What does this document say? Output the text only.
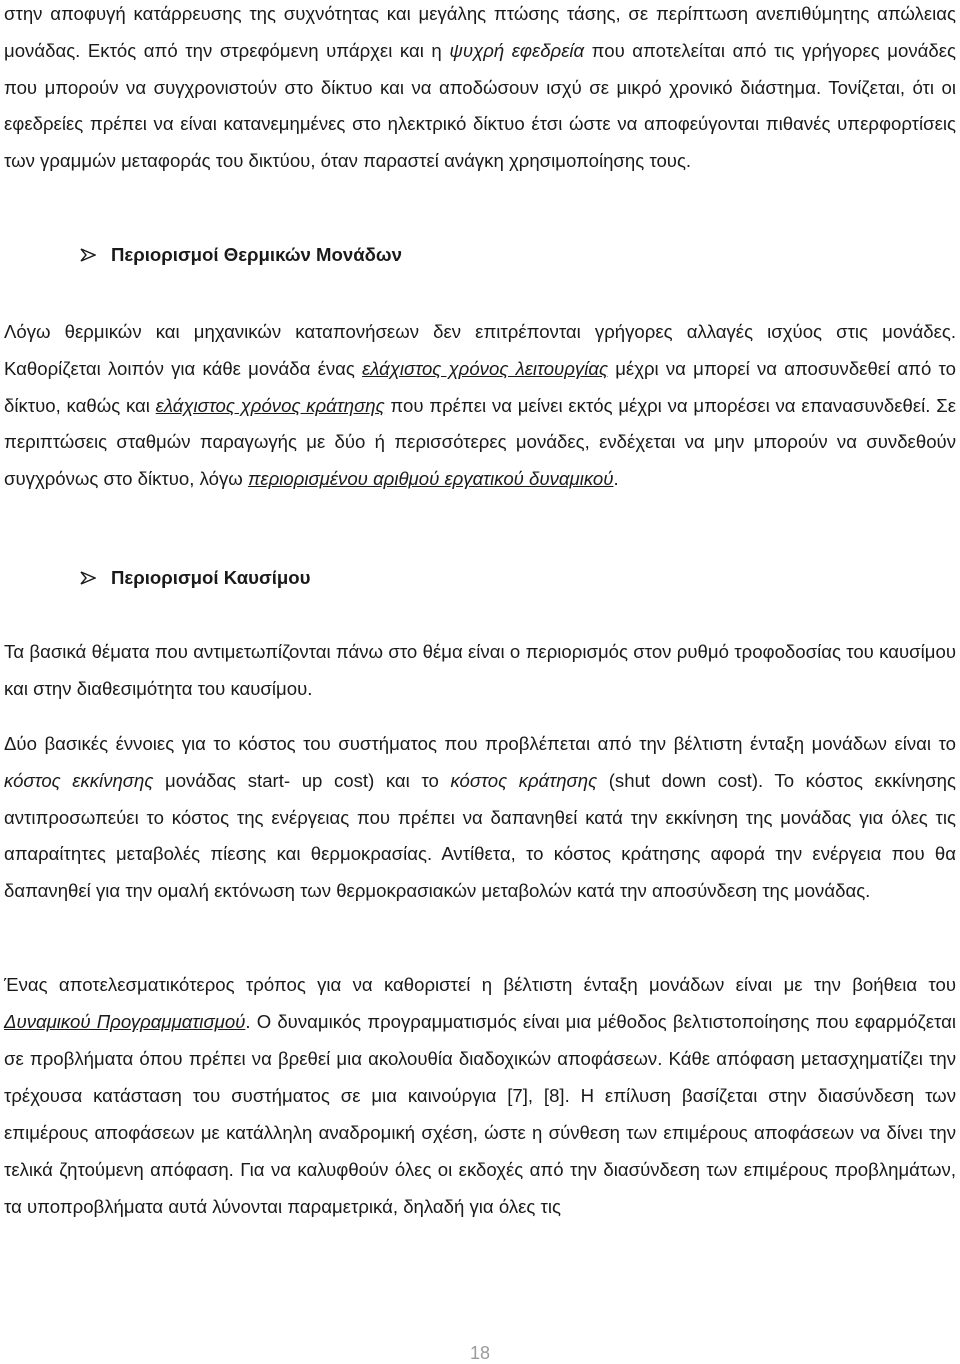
στην αποφυγή κατάρρευσης της συχνότητας και μεγάλης πτώσης τάσης, σε περίπτωση ανεπιθύμητης απώλειας μονάδας. Εκτός από την στρεφόμενη υπάρχει και η ψυχρή εφεδρεία που αποτελείται από τις γρήγορες μονάδες που μπορούν να συγχρονιστούν στο δίκτυο και να αποδώσουν ισχύ σε μικρό χρονικό διάστημα. Τονίζεται, ότι οι εφεδρείες πρέπει να είναι κατανεμημένες στο ηλεκτρικό δίκτυο έτσι ώστε να αποφεύγονται πιθανές υπερφορτίσεις των γραμμών μεταφοράς του δικτύου, όταν παραστεί ανάγκη χρησιμοποίησης τους.

Περιορισμοί Θερμικών Μονάδων

Λόγω θερμικών και μηχανικών καταπονήσεων δεν επιτρέπονται γρήγορες αλλαγές ισχύος στις μονάδες. Καθορίζεται λοιπόν για κάθε μονάδα ένας ελάχιστος χρόνος λειτουργίας μέχρι να μπορεί να αποσυνδεθεί από το δίκτυο, καθώς και ελάχιστος χρόνος κράτησης που πρέπει να μείνει εκτός μέχρι να μπορέσει να επανασυνδεθεί. Σε περιπτώσεις σταθμών παραγωγής με δύο ή περισσότερες μονάδες, ενδέχεται να μην μπορούν να συνδεθούν συγχρόνως στο δίκτυο, λόγω περιορισμένου αριθμού εργατικού δυναμικού.

Περιορισμοί Καυσίμου

Τα βασικά θέματα που αντιμετωπίζονται πάνω στο θέμα είναι ο περιορισμός στον ρυθμό τροφοδοσίας του καυσίμου και στην διαθεσιμότητα του καυσίμου.

Δύο βασικές έννοιες για το κόστος του συστήματος που προβλέπεται από την βέλτιστη ένταξη μονάδων είναι το κόστος εκκίνησης μονάδας start- up cost) και το κόστος κράτησης (shut down cost). Το κόστος εκκίνησης αντιπροσωπεύει το κόστος της ενέργειας που πρέπει να δαπανηθεί κατά την εκκίνηση της μονάδας για όλες τις απαραίτητες μεταβολές πίεσης και θερμοκρασίας. Αντίθετα, το κόστος κράτησης αφορά την ενέργεια που θα δαπανηθεί για την ομαλή εκτόνωση των θερμοκρασιακών μεταβολών κατά την αποσύνδεση της μονάδας.

Ένας αποτελεσματικότερος τρόπος για να καθοριστεί η βέλτιστη ένταξη μονάδων είναι με την βοήθεια του Δυναμικού Προγραμματισμού. Ο δυναμικός προγραμματισμός είναι μια μέθοδος βελτιστοποίησης που εφαρμόζεται σε προβλήματα όπου πρέπει να βρεθεί μια ακολουθία διαδοχικών αποφάσεων. Κάθε απόφαση μετασχηματίζει την τρέχουσα κατάσταση του συστήματος σε μια καινούργια [7], [8]. Η επίλυση βασίζεται στην διασύνδεση των επιμέρους αποφάσεων με κατάλληλη αναδρομική σχέση, ώστε η σύνθεση των επιμέρους αποφάσεων να δίνει την τελικά ζητούμενη απόφαση. Για να καλυφθούν όλες οι εκδοχές από την διασύνδεση των επιμέρους προβλημάτων, τα υποπροβλήματα αυτά λύνονται παραμετρικά, δηλαδή για όλες τις

18
